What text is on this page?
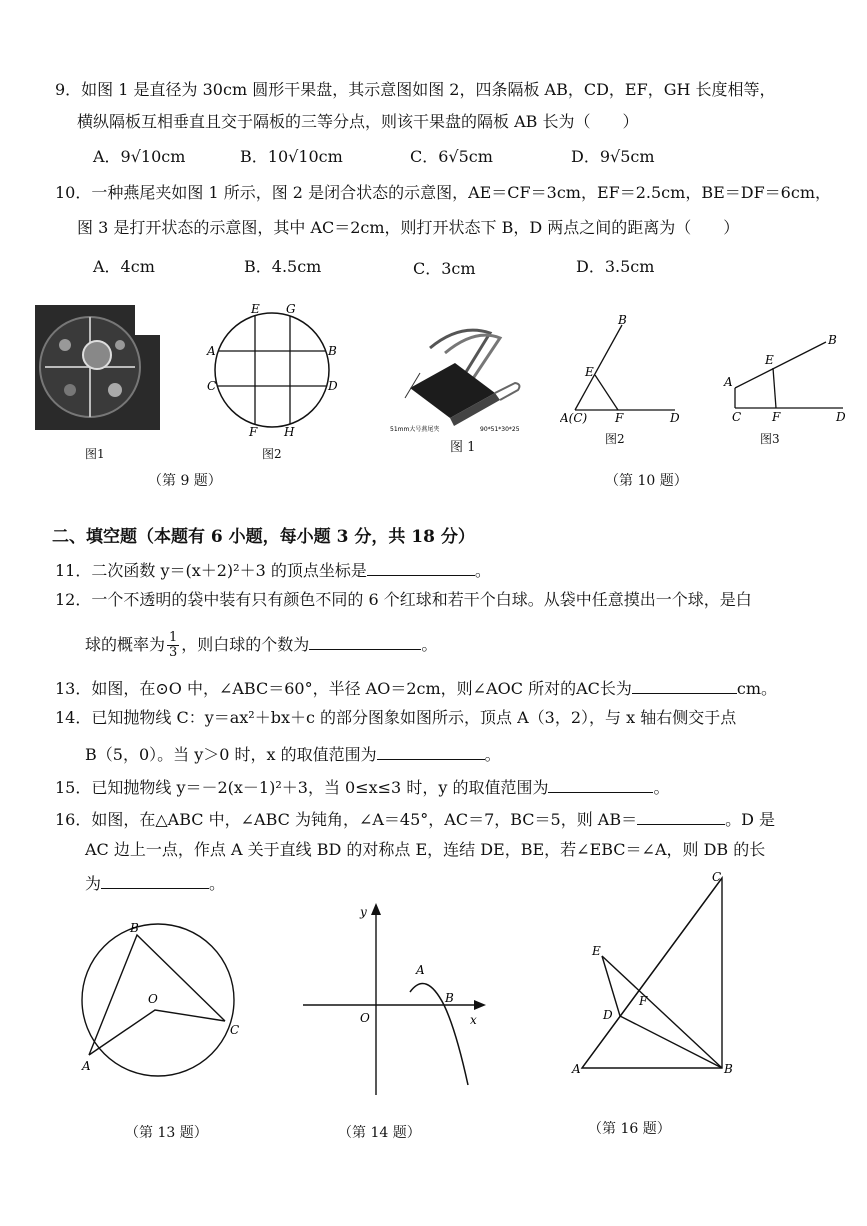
9．如图 1 是直径为 30cm 圆形干果盘，其示意图如图 2，四条隔板 AB，CD，EF，GH 长度相等，
横纵隔板互相垂直且交于隔板的三等分点，则该干果盘的隔板 AB 长为（　　）
A．9√10cm	B．10√10cm	C．6√5cm	D．9√5cm
10．一种燕尾夹如图 1 所示，图 2 是闭合状态的示意图，AE＝CF＝3cm，EF＝2.5cm，BE＝DF＝6cm，
图 3 是打开状态的示意图，其中 AC＝2cm，则打开状态下 B，D 两点之间的距离为（　　）
A．4cm	B．4.5cm	C．3cm	D．3.5cm
图1
E G
A	B
C	D
F H
图2
（第 9 题）
51mm大号燕尾夹	90*51*30*25
图 1
B
E
A(C) F	D
图2
B
E
A
C	F	D
图3
（第 10 题）
二、填空题（本题有 6 小题，每小题 3 分，共 18 分）
11．二次函数 y＝(x＋2)²＋3 的顶点坐标是	。
12．一个不透明的袋中装有只有颜色不同的 6 个红球和若干个白球。从袋中任意摸出一个球，是白
球的概率为 $\frac{1}{3}$ ，则白球的个数为	。
13．如图，在⊙O 中，∠ABC＝60°，半径 AO＝2cm，则∠AOC 所对的AC长为	cm。
14．已知抛物线 C：y＝ax²＋bx＋c 的部分图象如图所示，顶点 A（3，2），与 x 轴右侧交于点
B（5，0）。当 y＞0 时，x 的取值范围为	。
15．已知抛物线 y＝－2(x－1)²＋3，当 0≤x≤3 时，y 的取值范围为	。
16．如图，在△ABC 中，∠ABC 为钝角，∠A＝45°，AC＝7，BC＝5，则 AB＝	。D 是
AC 边上一点，作点 A 关于直线 BD 的对称点 E，连结 DE，BE，若∠EBC＝∠A，则 DB 的长
为	。
B
O
C
A
（第 13 题）
y
A
B
O	x
（第 14 题）
C
E
F
D
A	B
（第 16 题）
